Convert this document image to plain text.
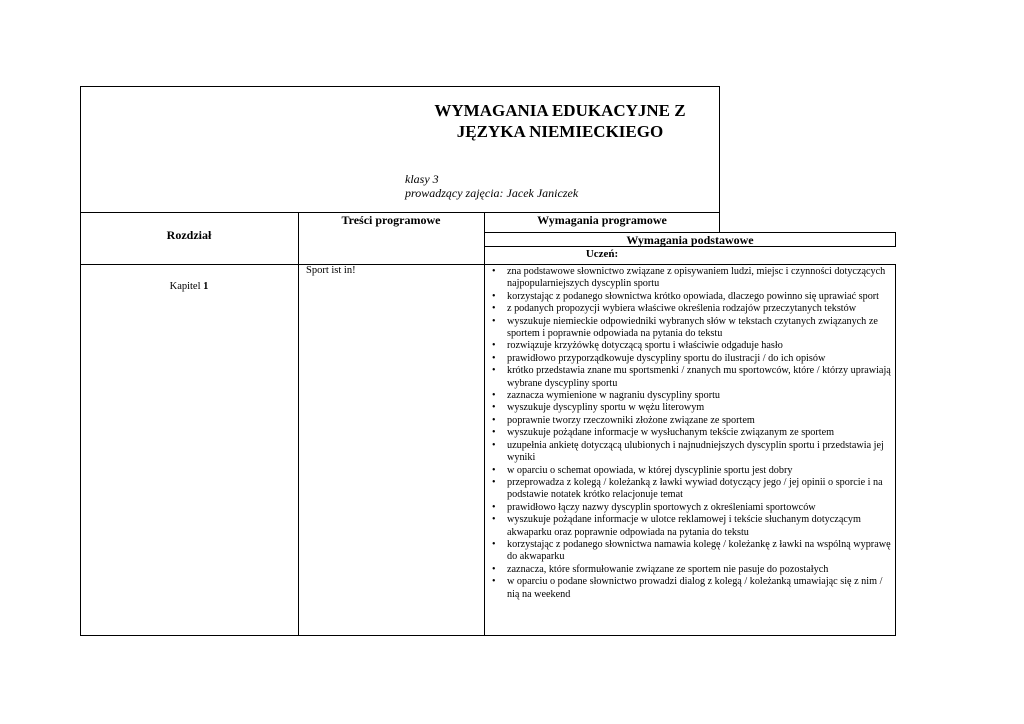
WYMAGANIA EDUKACYJNE Z
JĘZYKA NIEMIECKIEGO
klasy 3
prowadzący zajęcia: Jacek Janiczek
Rozdział
Treści programowe	Wymagania programowe
Wymagania podstawowe
Uczeń:
Kapitel 1
Sport ist in!
•	zna podstawowe słownictwo związane z opisywaniem ludzi, miejsc i czynności dotyczących najpopularniejszych dyscyplin sportu
• korzystając z podanego słownictwa krótko opowiada, dlaczego powinno się uprawiać sport
• z podanych propozycji wybiera właściwe określenia rodzajów przeczytanych tekstów
• wyszukuje niemieckie odpowiedniki wybranych słów w tekstach czytanych związanych ze sportem i poprawnie odpowiada na pytania do tekstu
• rozwiązuje krzyżówkę dotyczącą sportu i właściwie odgaduje hasło
• prawidłowo przyporządkowuje dyscypliny sportu do ilustracji / do ich opisów
• krótko przedstawia znane mu sportsmenki / znanych mu sportowców, które / którzy uprawiają wybrane dyscypliny sportu
• zaznacza wymienione w nagraniu dyscypliny sportu
• wyszukuje dyscypliny sportu w wężu literowym
• poprawnie tworzy rzeczowniki złożone związane ze sportem
• wyszukuje pożądane informacje w wysłuchanym tekście związanym ze sportem
• uzupełnia ankietę dotyczącą ulubionych i najnudniejszych dyscyplin sportu i przedstawia jej wyniki
• w oparciu o schemat opowiada, w której dyscyplinie sportu jest dobry
• przeprowadza z kolegą / koleżanką z ławki wywiad dotyczący jego / jej opinii o sporcie i na podstawie notatek krótko relacjonuje temat
• prawidłowo łączy nazwy dyscyplin sportowych z określeniami sportowców
• wyszukuje pożądane informacje w ulotce reklamowej i tekście słuchanym dotyczącym akwaparku oraz poprawnie odpowiada na pytania do tekstu
• korzystając z podanego słownictwa namawia kolegę / koleżankę z ławki na wspólną wyprawę do akwaparku
• zaznacza, które sformułowanie związane ze sportem nie pasuje do pozostałych
• w oparciu o podane słownictwo prowadzi dialog z kolegą / koleżanką umawiając się z nim / nią na weekend
